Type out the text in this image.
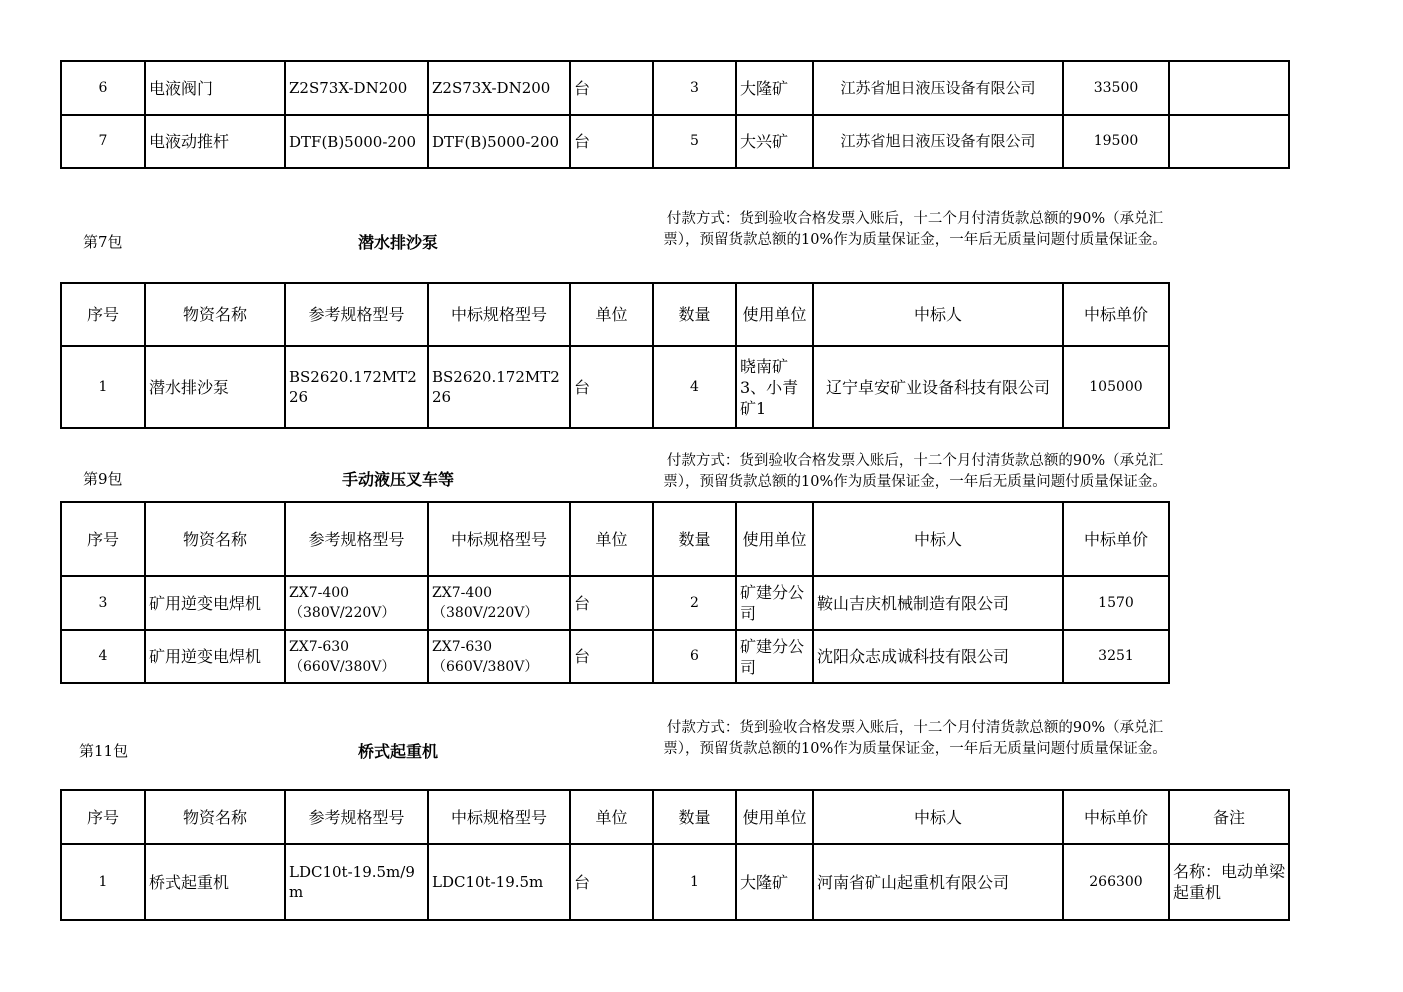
6	电液阀门	Z2S73X-DN200	Z2S73X-DN200	台	3	大隆矿	江苏省旭日液压设备有限公司	33500	
7	电液动推杆	DTF(B)5000-200	DTF(B)5000-200	台	5	大兴矿	江苏省旭日液压设备有限公司	19500	
第7包	潜水排沙泵
付款方式：货到验收合格发票入账后，十二个月付清货款总额的90%（承兑汇票），预留货款总额的10%作为质量保证金，一年后无质量问题付质量保证金。
序号	物资名称	参考规格型号	中标规格型号	单位	数量	使用单位	中标人	中标单价
1	潜水排沙泵	BS2620.172MT226	BS2620.172MT226	台	4	晓南矿3、小青矿1	辽宁卓安矿业设备科技有限公司	105000
第9包	手动液压叉车等
付款方式：货到验收合格发票入账后，十二个月付清货款总额的90%（承兑汇票），预留货款总额的10%作为质量保证金，一年后无质量问题付质量保证金。
序号	物资名称	参考规格型号	中标规格型号	单位	数量	使用单位	中标人	中标单价
3	矿用逆变电焊机	ZX7-400（380V/220V）	ZX7-400（380V/220V）	台	2	矿建分公司	鞍山吉庆机械制造有限公司	1570
4	矿用逆变电焊机	ZX7-630（660V/380V）	ZX7-630（660V/380V）	台	6	矿建分公司	沈阳众志成诚科技有限公司	3251
第11包	桥式起重机
付款方式：货到验收合格发票入账后，十二个月付清货款总额的90%（承兑汇票），预留货款总额的10%作为质量保证金，一年后无质量问题付质量保证金。
序号	物资名称	参考规格型号	中标规格型号	单位	数量	使用单位	中标人	中标单价	备注
1	桥式起重机	LDC10t-19.5m/9m	LDC10t-19.5m	台	1	大隆矿	河南省矿山起重机有限公司	266300	名称：电动单梁起重机
